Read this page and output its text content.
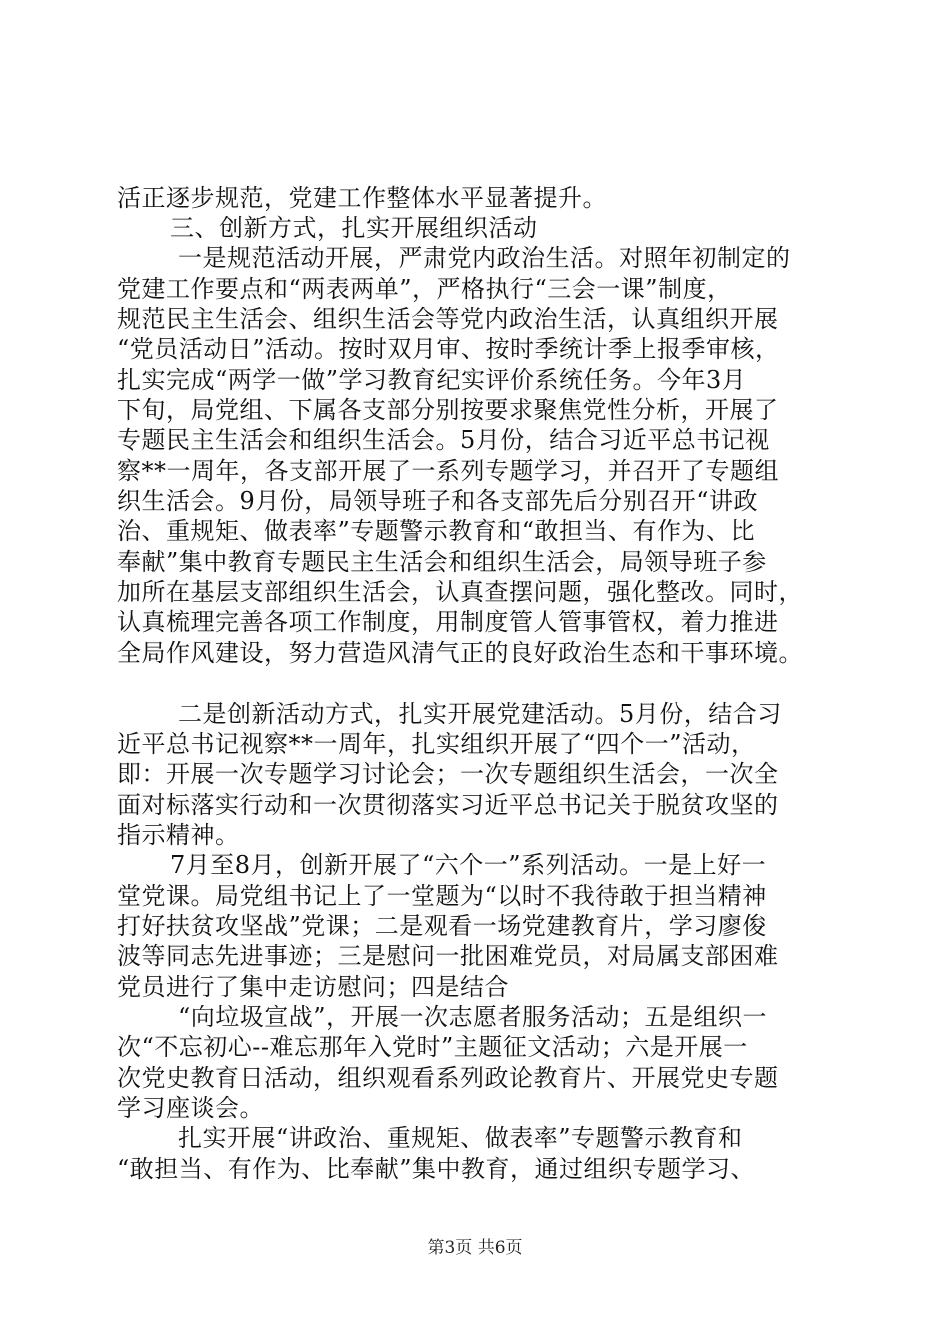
活正逐步规范，党建工作整体水平显著提升。
三、创新方式，扎实开展组织活动
一是规范活动开展，严肃党内政治生活。对照年初制定的
党建工作要点和“两表两单”，严格执行“三会一课”制度，
规范民主生活会、组织生活会等党内政治生活，认真组织开展
“党员活动日”活动。按时双月审、按时季统计季上报季审核，
扎实完成“两学一做”学习教育纪实评价系统任务。今年3月
下旬，局党组、下属各支部分别按要求聚焦党性分析，开展了
专题民主生活会和组织生活会。5月份，结合习近平总书记视
察**一周年，各支部开展了一系列专题学习，并召开了专题组
织生活会。9月份，局领导班子和各支部先后分别召开“讲政
治、重规矩、做表率”专题警示教育和“敢担当、有作为、比
奉献”集中教育专题民主生活会和组织生活会，局领导班子参
加所在基层支部组织生活会，认真查摆问题，强化整改。同时，
认真梳理完善各项工作制度，用制度管人管事管权，着力推进
全局作风建设，努力营造风清气正的良好政治生态和干事环境。
二是创新活动方式，扎实开展党建活动。5月份，结合习
近平总书记视察**一周年，扎实组织开展了“四个一”活动，
即：开展一次专题学习讨论会；一次专题组织生活会，一次全
面对标落实行动和一次贯彻落实习近平总书记关于脱贫攻坚的
指示精神。
7月至8月，创新开展了“六个一”系列活动。一是上好一
堂党课。局党组书记上了一堂题为“以时不我待敢于担当精神
打好扶贫攻坚战”党课；二是观看一场党建教育片，学习廖俊
波等同志先进事迹；三是慰问一批困难党员，对局属支部困难
党员进行了集中走访慰问；四是结合
“向垃圾宣战”，开展一次志愿者服务活动；五是组织一
次“不忘初心--难忘那年入党时”主题征文活动；六是开展一
次党史教育日活动，组织观看系列政论教育片、开展党史专题
学习座谈会。
扎实开展“讲政治、重规矩、做表率”专题警示教育和
“敢担当、有作为、比奉献”集中教育，通过组织专题学习、
第3页 共6页
